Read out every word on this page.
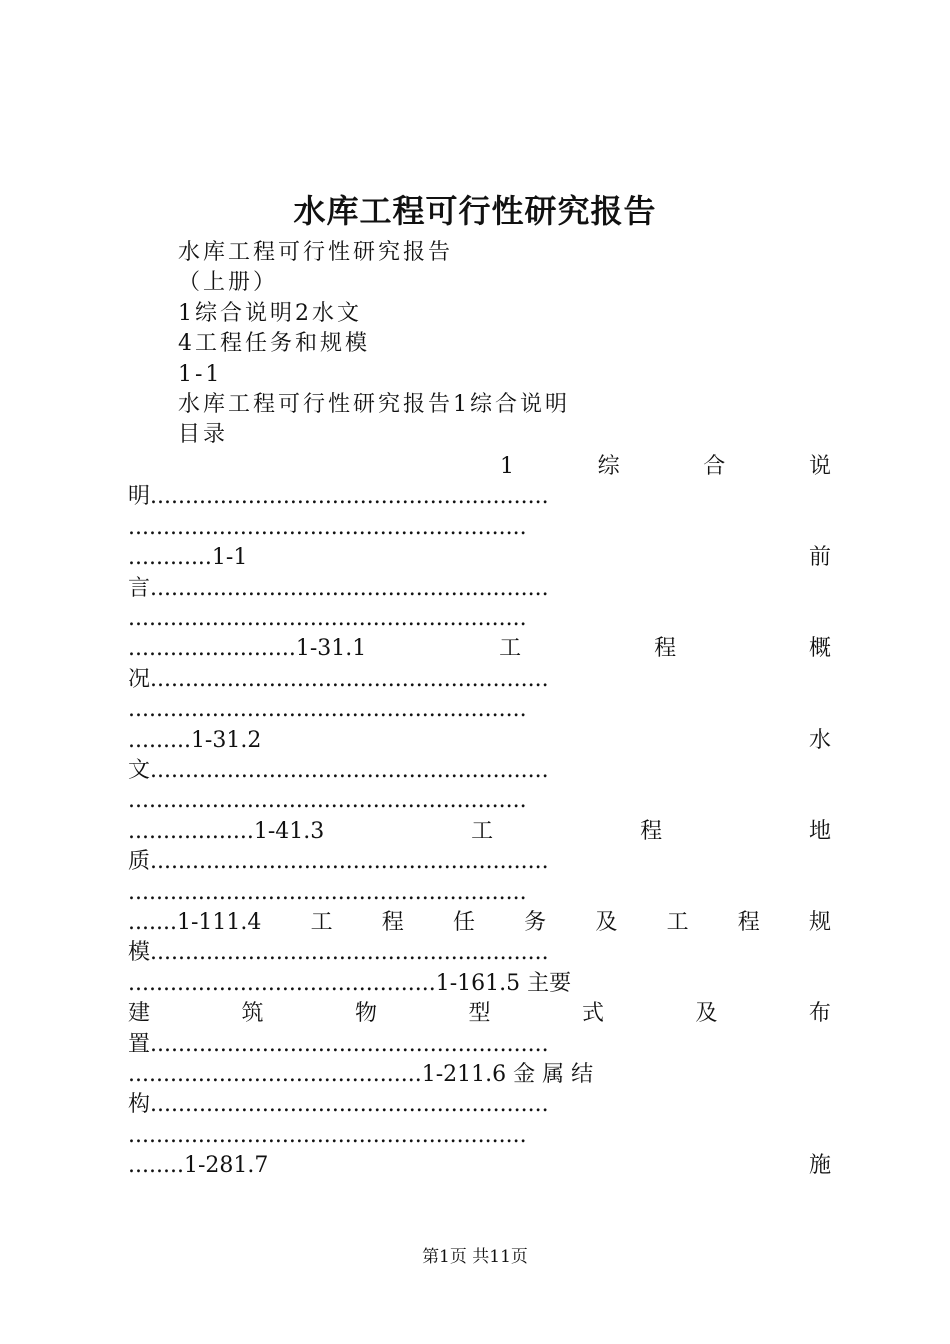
水库工程可行性研究报告
水库工程可行性研究报告
（上册）
1综合说明2水文
4工程任务和规模
1-1
水库工程可行性研究报告1综合说明
目录
1	综	合	说
明.........................................................
.........................................................
............1-1	前
言.........................................................
.........................................................
........................1-31.1	工	程	概
况.........................................................
.........................................................
.........1-31.2	水
文.........................................................
.........................................................
..................1-41.3	工	程	地
质.........................................................
.........................................................
.......1-111.4 工 程 任 务 及 工 程 规
模.........................................................
............................................1-161.5 主要
建	筑	物	型	式	及	布
置.........................................................
..........................................1-211.6 金 属 结
构.........................................................
.........................................................
........1-281.7	施
第1页 共11页
